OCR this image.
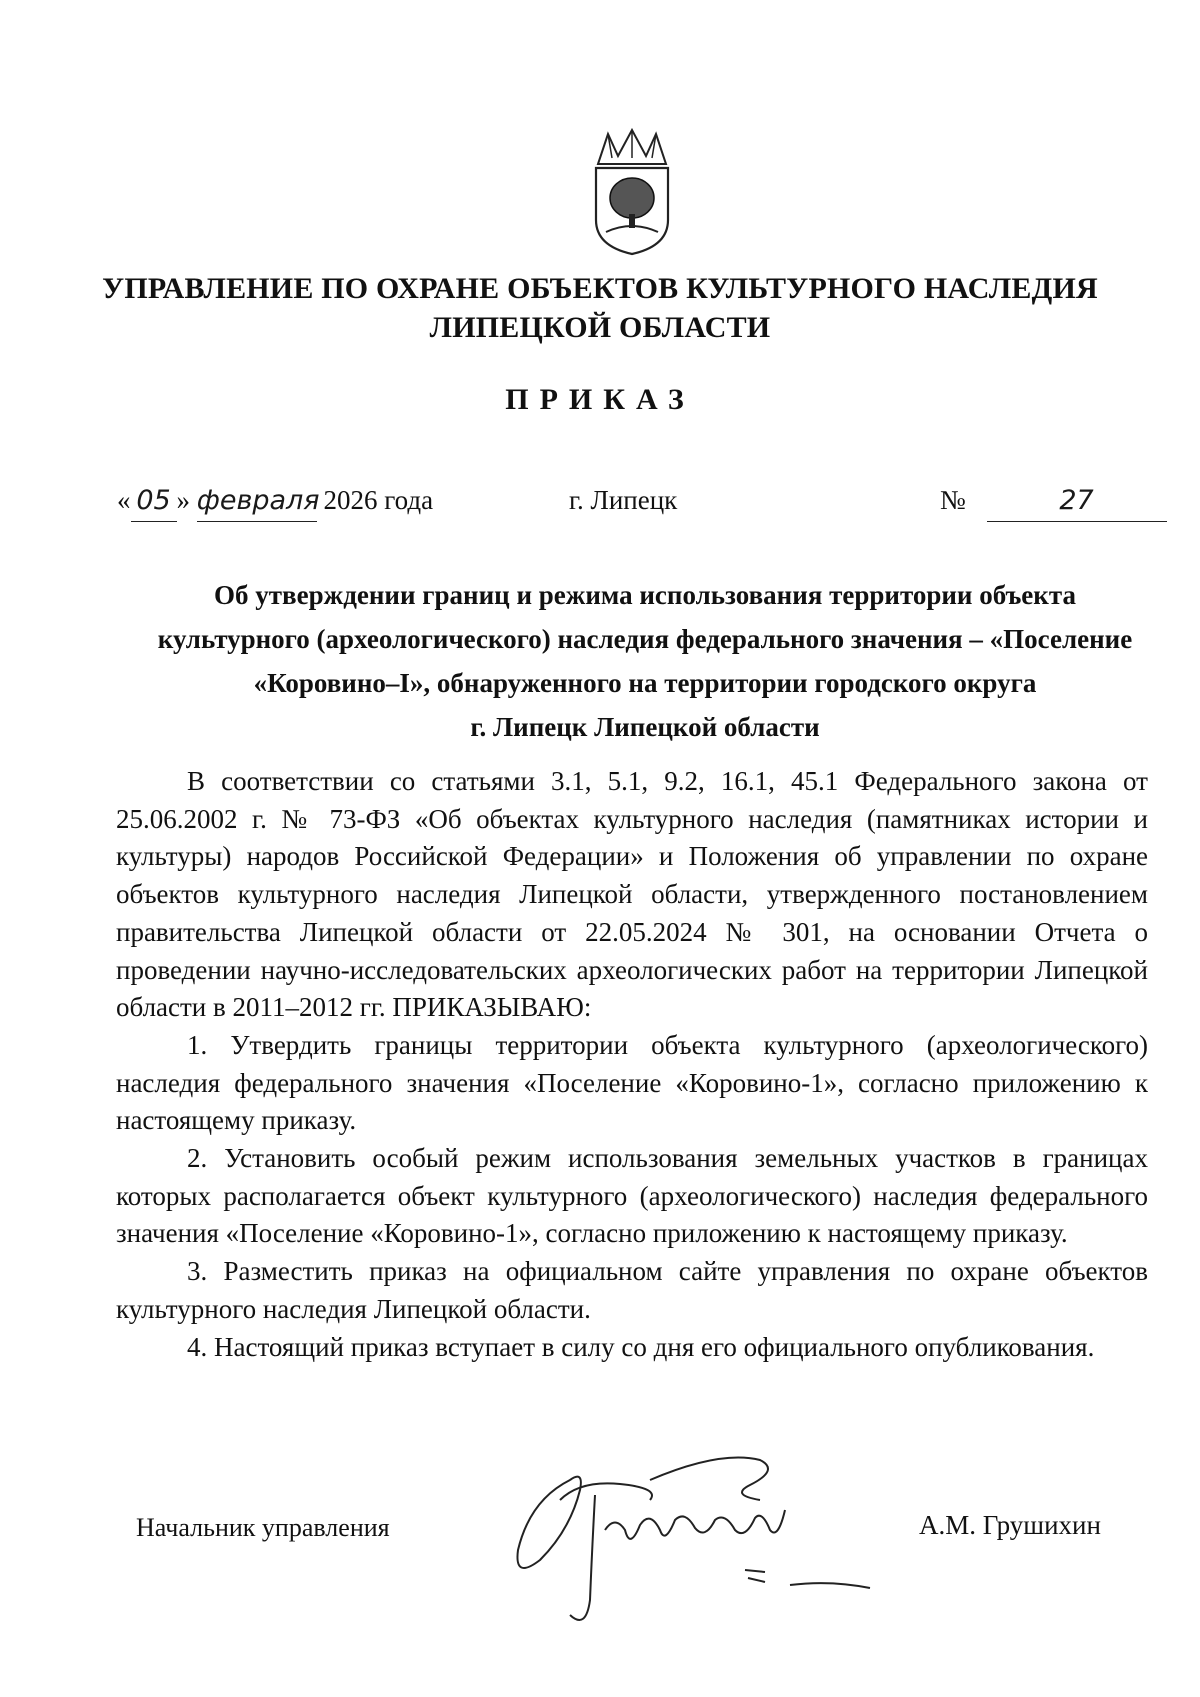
УПРАВЛЕНИЕ ПО ОХРАНЕ ОБЪЕКТОВ КУЛЬТУРНОГО НАСЛЕДИЯ
ЛИПЕЦКОЙ ОБЛАСТИ
ПРИКАЗ
« 05 » февраля 2026 года	г. Липецк	№	27
Об утверждении границ и режима использования территории объекта
культурного (археологического) наследия федерального значения – «Поселение
«Коровино–I», обнаруженного на территории городского округа
г. Липецк Липецкой области

В соответствии со статьями 3.1, 5.1, 9.2, 16.1, 45.1 Федерального закона от 25.06.2002 г. № 73-ФЗ «Об объектах культурного наследия (памятниках истории и культуры) народов Российской Федерации» и Положения об управлении по охране объектов культурного наследия Липецкой области, утвержденного постановлением правительства Липецкой области от 22.05.2024 № 301, на основании Отчета о проведении научно-исследовательских археологических работ на территории Липецкой области в 2011–2012 гг. ПРИКАЗЫВАЮ:

1. Утвердить границы территории объекта культурного (археологического) наследия федерального значения «Поселение «Коровино-1», согласно приложению к настоящему приказу.

2. Установить особый режим использования земельных участков в границах которых располагается объект культурного (археологического) наследия федерального значения «Поселение «Коровино-1», согласно приложению к настоящему приказу.

3. Разместить приказ на официальном сайте управления по охране объектов культурного наследия Липецкой области.

4. Настоящий приказ вступает в силу со дня его официального опубликования.

Начальник управления	А.М. Грушихин
